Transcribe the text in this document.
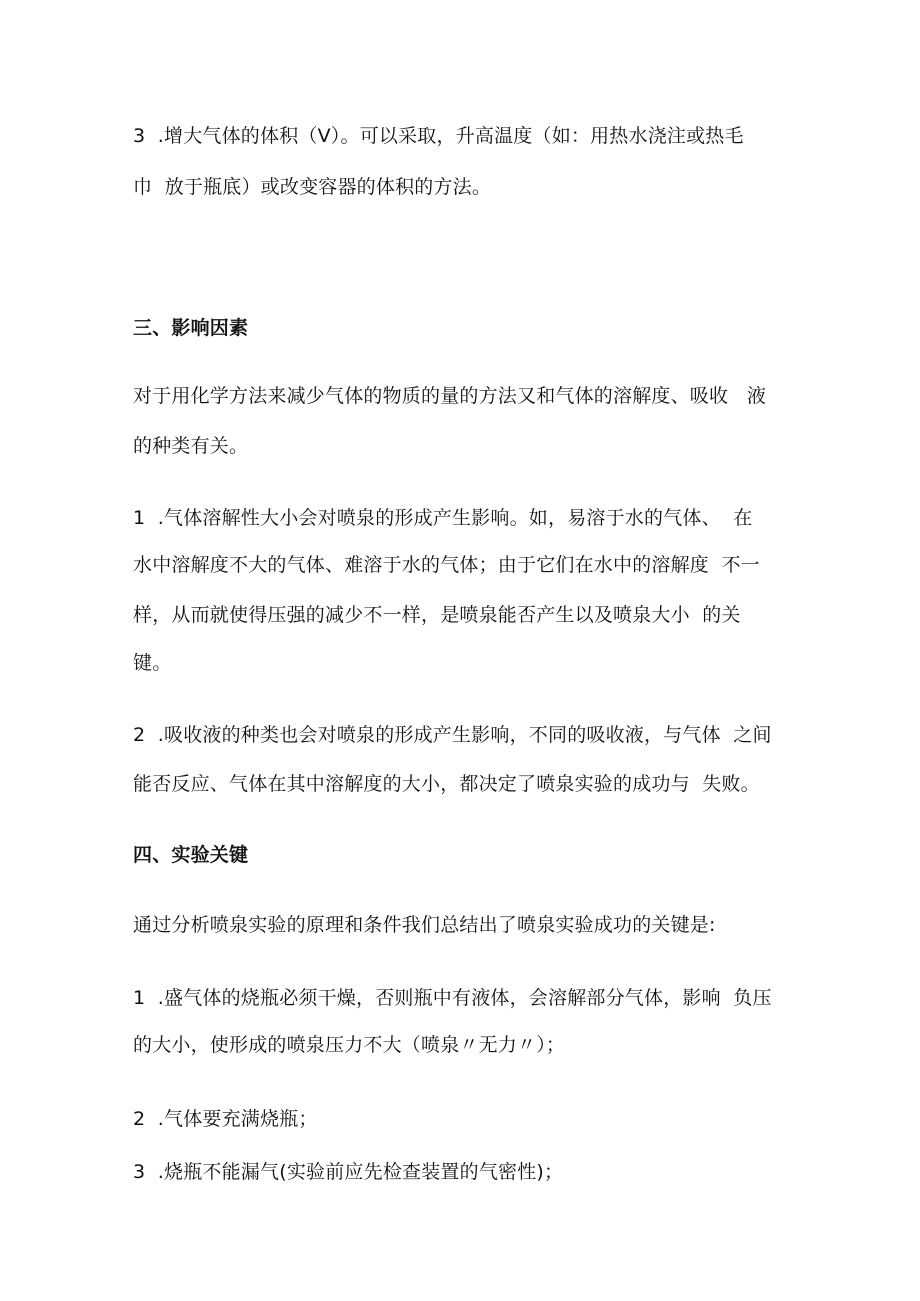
3  .增大气体的体积（V）。可以采取，升高温度（如：用热水浇注或热毛
巾  放于瓶底）或改变容器的体积的方法。
三、影响因素
对于用化学方法来减少气体的物质的量的方法又和气体的溶解度、吸收   液
的种类有关。
1  .气体溶解性大小会对喷泉的形成产生影响。如，易溶于水的气体、  在
水中溶解度不大的气体、难溶于水的气体；由于它们在水中的溶解度  不一
样，从而就使得压强的减少不一样，是喷泉能否产生以及喷泉大小  的关
键。
2  .吸收液的种类也会对喷泉的形成产生影响，不同的吸收液，与气体  之间
能否反应、气体在其中溶解度的大小，都决定了喷泉实验的成功与  失败。
四、实验关键
通过分析喷泉实验的原理和条件我们总结出了喷泉实验成功的关键是:
1  .盛气体的烧瓶必须干燥，否则瓶中有液体，会溶解部分气体，影响  负压
的大小，使形成的喷泉压力不大（喷泉〃无力〃）；
2  .气体要充满烧瓶；
3  .烧瓶不能漏气(实验前应先检查装置的气密性)；
